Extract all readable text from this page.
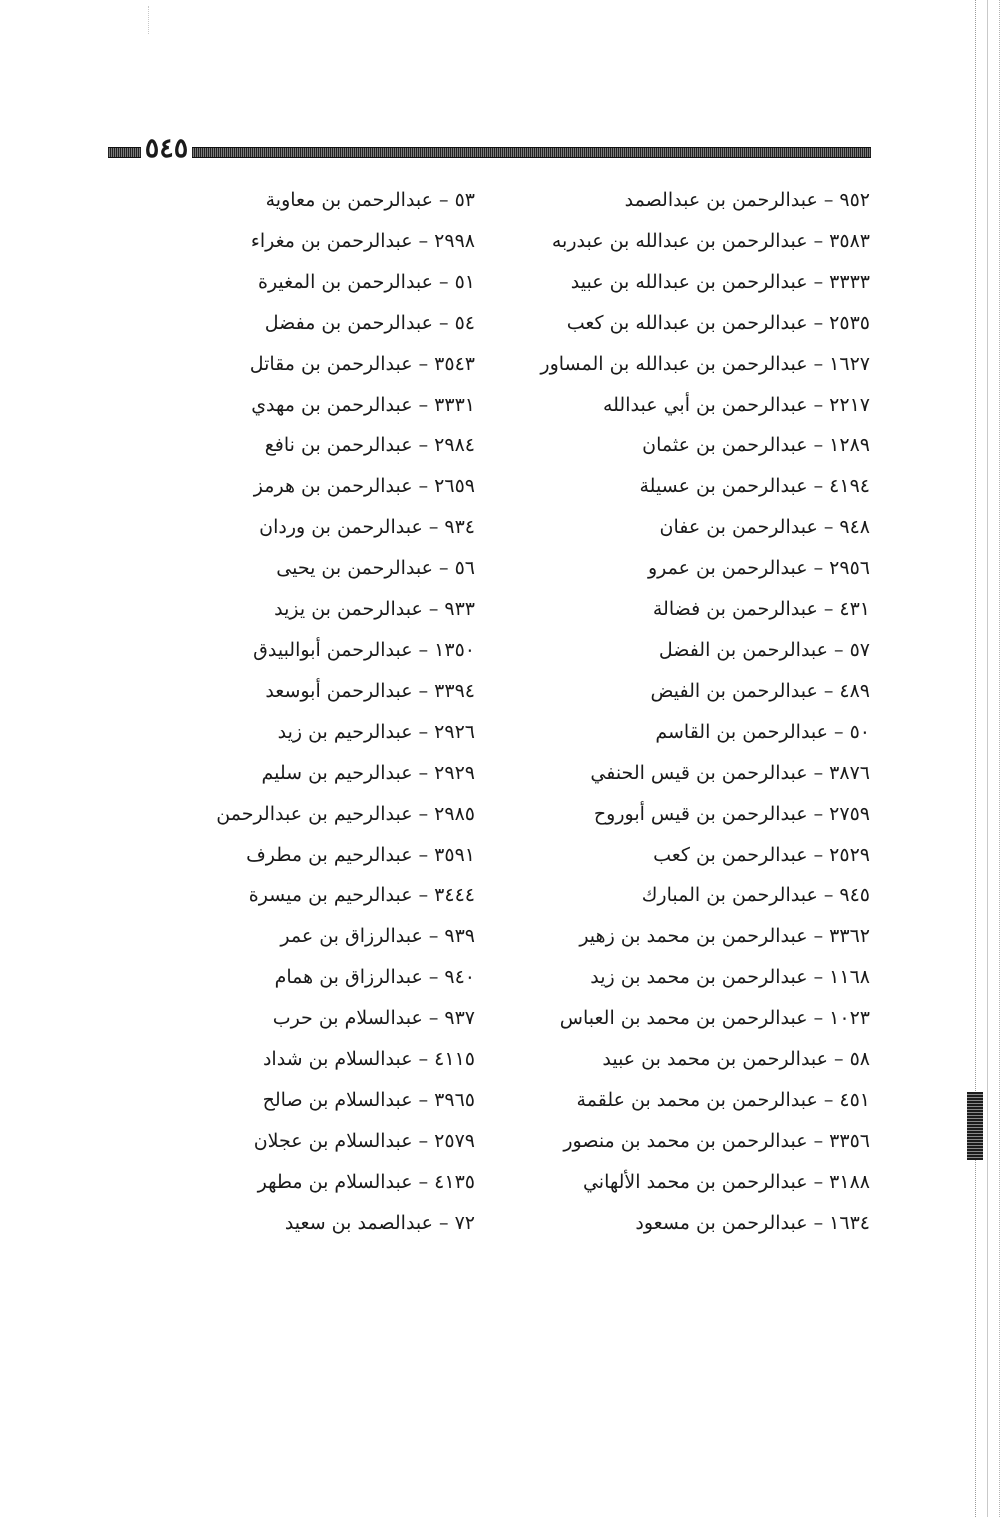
٥٤٥
٩٥٢ – عبدالرحمن بن عبدالصمد
٣٥٨٣ – عبدالرحمن بن عبدالله بن عبدربه
٣٣٣٣ – عبدالرحمن بن عبدالله بن عبيد
٢٥٣٥ – عبدالرحمن بن عبدالله بن كعب
١٦٢٧ – عبدالرحمن بن عبدالله بن المساور
٢٢١٧ – عبدالرحمن بن أبي عبدالله
١٢٨٩ – عبدالرحمن بن عثمان
٤١٩٤ – عبدالرحمن بن عسيلة
٩٤٨ – عبدالرحمن بن عفان
٢٩٥٦ – عبدالرحمن بن عمرو
٤٣١ – عبدالرحمن بن فضالة
٥٧ – عبدالرحمن بن الفضل
٤٨٩ – عبدالرحمن بن الفيض
٥٠ – عبدالرحمن بن القاسم
٣٨٧٦ – عبدالرحمن بن قيس الحنفي
٢٧٥٩ – عبدالرحمن بن قيس أبوروح
٢٥٢٩ – عبدالرحمن بن كعب
٩٤٥ – عبدالرحمن بن المبارك
٣٣٦٢ – عبدالرحمن بن محمد بن زهير
١١٦٨ – عبدالرحمن بن محمد بن زيد
١٠٢٣ – عبدالرحمن بن محمد بن العباس
٥٨ – عبدالرحمن بن محمد بن عبيد
٤٥١ – عبدالرحمن بن محمد بن علقمة
٣٣٥٦ – عبدالرحمن بن محمد بن منصور
٣١٨٨ – عبدالرحمن بن محمد الألهاني
١٦٣٤ – عبدالرحمن بن مسعود
٥٣ – عبدالرحمن بن معاوية
٢٩٩٨ – عبدالرحمن بن مغراء
٥١ – عبدالرحمن بن المغيرة
٥٤ – عبدالرحمن بن مفضل
٣٥٤٣ – عبدالرحمن بن مقاتل
٣٣٣١ – عبدالرحمن بن مهدي
٢٩٨٤ – عبدالرحمن بن نافع
٢٦٥٩ – عبدالرحمن بن هرمز
٩٣٤ – عبدالرحمن بن وردان
٥٦ – عبدالرحمن بن يحيى
٩٣٣ – عبدالرحمن بن يزيد
١٣٥٠ – عبدالرحمن أبوالبيدق
٣٣٩٤ – عبدالرحمن أبوسعد
٢٩٢٦ – عبدالرحيم بن زيد
٢٩٢٩ – عبدالرحيم بن سليم
٢٩٨٥ – عبدالرحيم بن عبدالرحمن
٣٥٩١ – عبدالرحيم بن مطرف
٣٤٤٤ – عبدالرحيم بن ميسرة
٩٣٩ – عبدالرزاق بن عمر
٩٤٠ – عبدالرزاق بن همام
٩٣٧ – عبدالسلام بن حرب
٤١١٥ – عبدالسلام بن شداد
٣٩٦٥ – عبدالسلام بن صالح
٢٥٧٩ – عبدالسلام بن عجلان
٤١٣٥ – عبدالسلام بن مطهر
٧٢ – عبدالصمد بن سعيد
